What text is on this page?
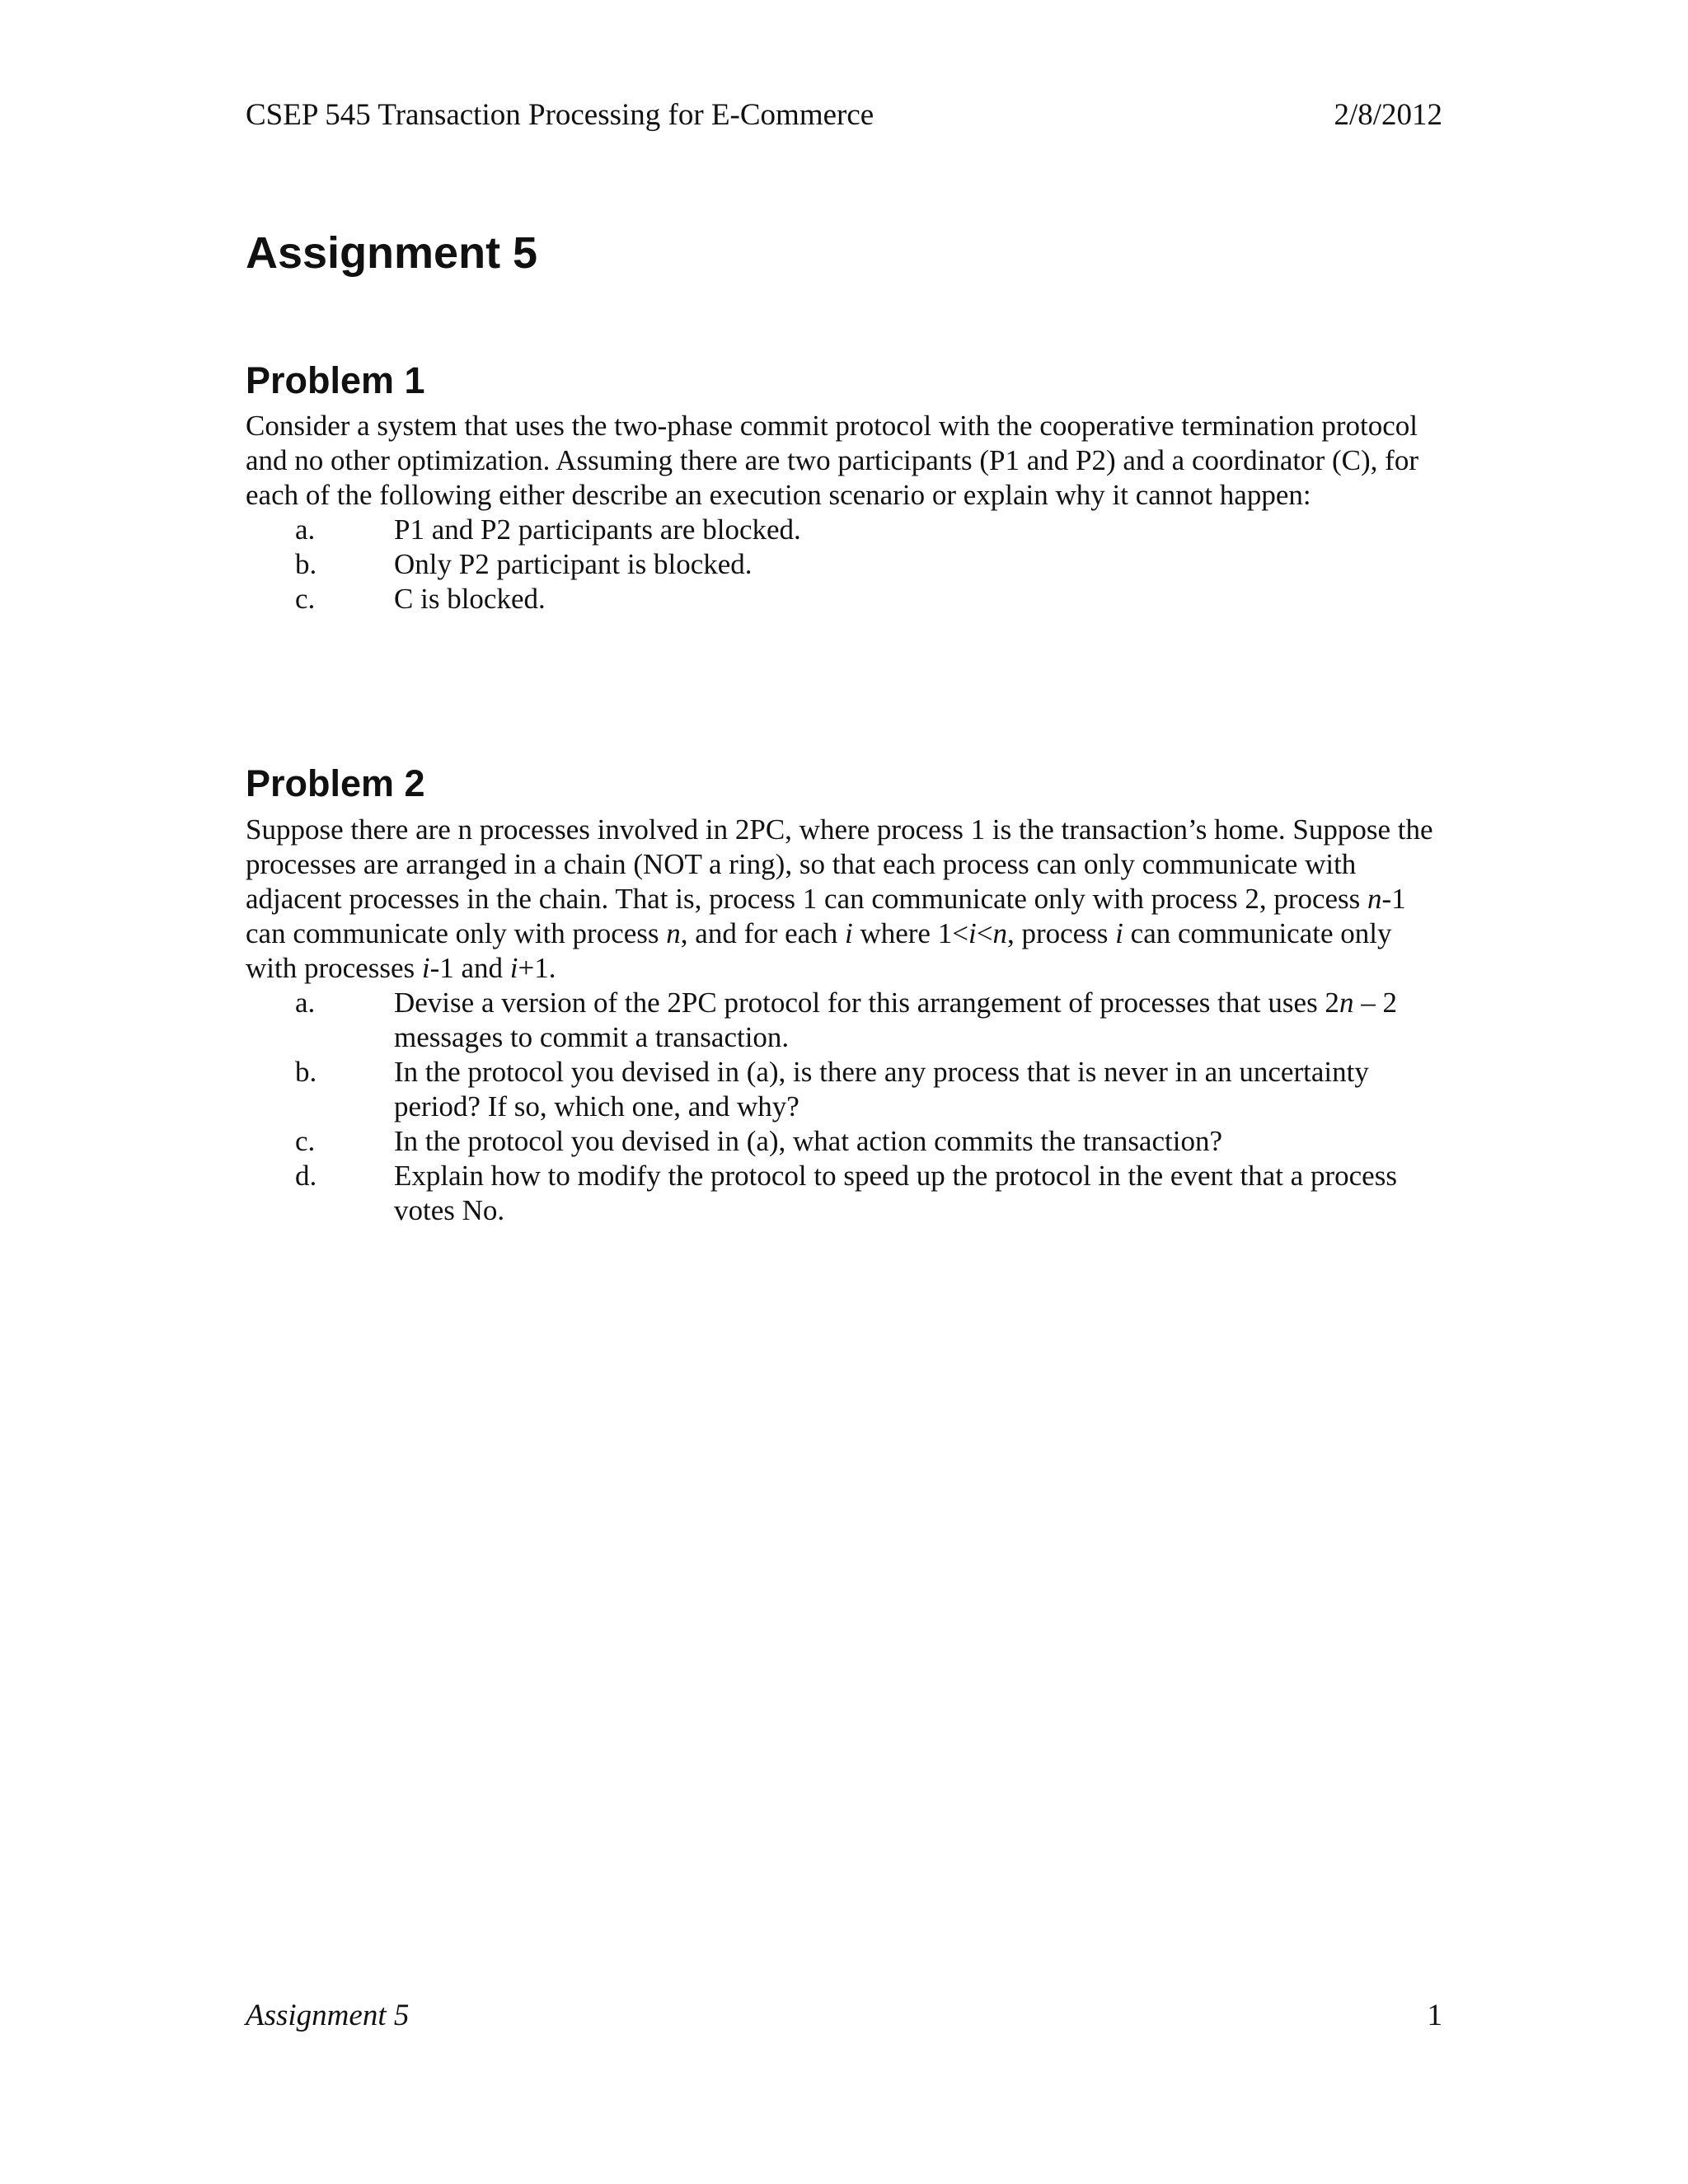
CSEP 545 Transaction Processing for E-Commerce	2/8/2012
Assignment 5
Problem 1

Consider a system that uses the two-phase commit protocol with the cooperative termination protocol and no other optimization. Assuming there are two participants (P1 and P2) and a coordinator (C), for each of the following either describe an execution scenario or explain why it cannot happen:

a.	P1 and P2 participants are blocked.
b.	Only P2 participant is blocked.
c.	C is blocked.
Problem 2

Suppose there are n processes involved in 2PC, where process 1 is the transaction’s home. Suppose the processes are arranged in a chain (NOT a ring), so that each process can only communicate with adjacent processes in the chain. That is, process 1 can communicate only with process 2, process n-1 can communicate only with process n, and for each i where 1<i<n, process i can communicate only with processes i-1 and i+1.

a.	Devise a version of the 2PC protocol for this arrangement of processes that uses 2n – 2 messages to commit a transaction.
b.	In the protocol you devised in (a), is there any process that is never in an uncertainty period? If so, which one, and why?
c.	In the protocol you devised in (a), what action commits the transaction?
d.	Explain how to modify the protocol to speed up the protocol in the event that a process votes No.
Assignment 5	1
